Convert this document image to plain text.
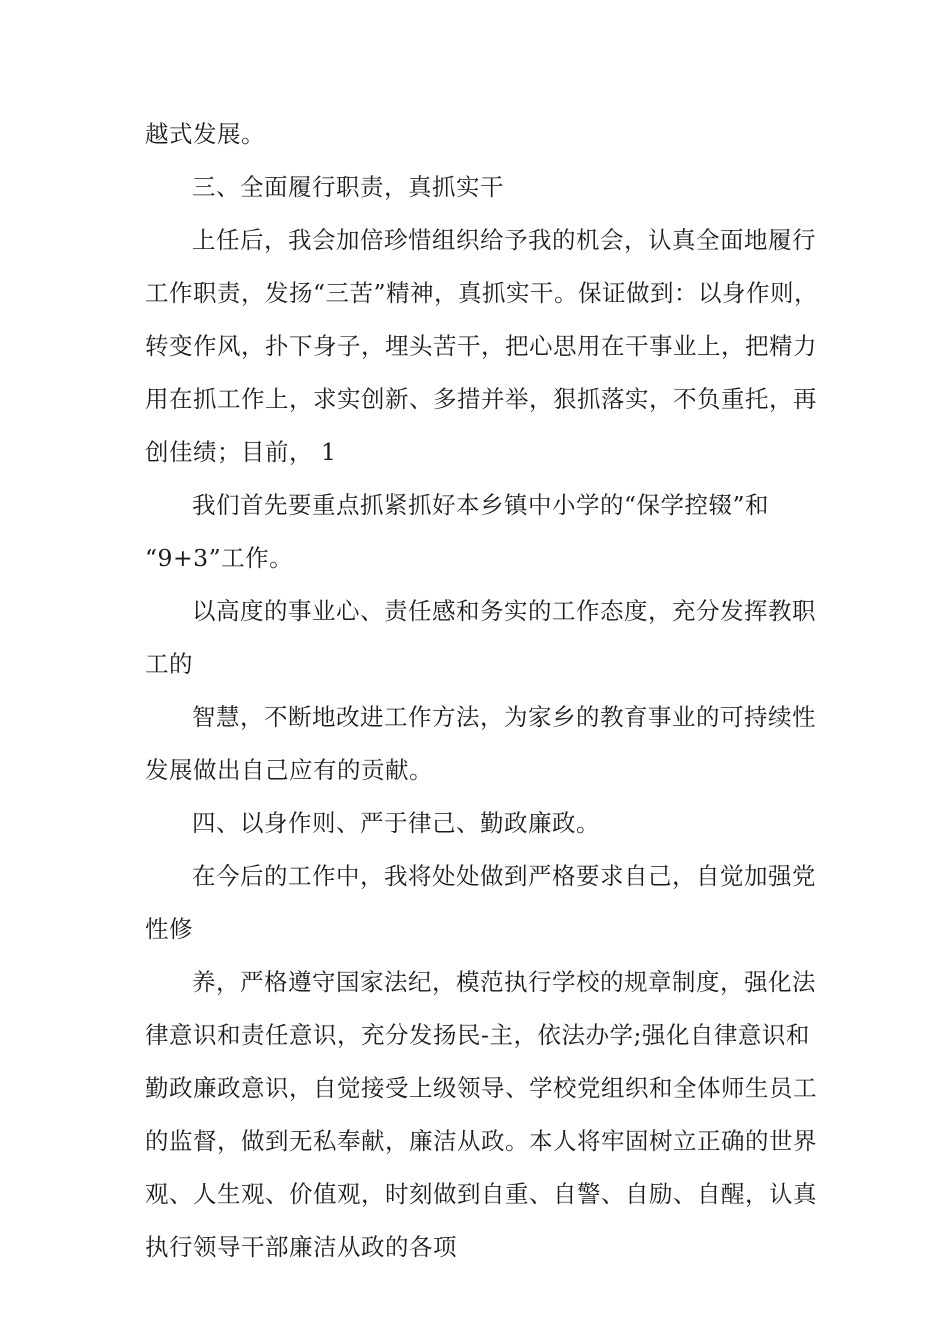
越式发展。
三、全面履行职责，真抓实干
上任后，我会加倍珍惜组织给予我的机会，认真全面地履行
工作职责，发扬“三苦”精神，真抓实干。保证做到：以身作则，
转变作风，扑下身子，埋头苦干，把心思用在干事业上，把精力
用在抓工作上，求实创新、多措并举，狠抓落实，不负重托，再
创佳绩；目前， 1
我们首先要重点抓紧抓好本乡镇中小学的“保学控辍”和
“9+3”工作。
以高度的事业心、责任感和务实的工作态度，充分发挥教职
工的
智慧，不断地改进工作方法，为家乡的教育事业的可持续性
发展做出自己应有的贡献。
四、以身作则、严于律己、勤政廉政。
在今后的工作中，我将处处做到严格要求自己，自觉加强党
性修
养，严格遵守国家法纪，模范执行学校的规章制度，强化法
律意识和责任意识，充分发扬民-主，依法办学;强化自律意识和
勤政廉政意识，自觉接受上级领导、学校党组织和全体师生员工
的监督，做到无私奉献，廉洁从政。本人将牢固树立正确的世界
观、人生观、价值观，时刻做到自重、自警、自励、自醒，认真
执行领导干部廉洁从政的各项
